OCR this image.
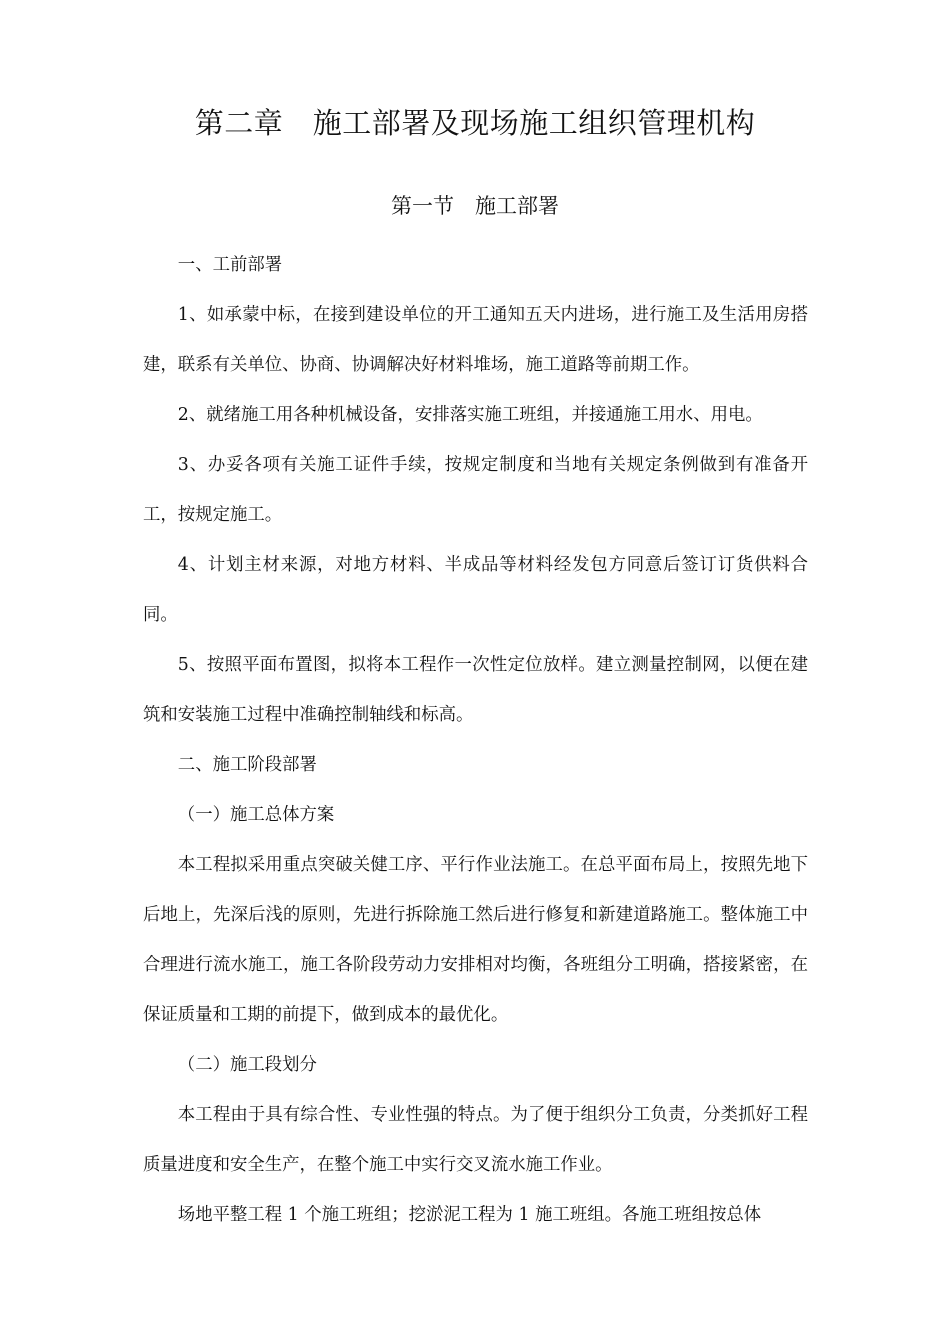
第二章　施工部署及现场施工组织管理机构
第一节　施工部署

一、工前部署

1、如承蒙中标，在接到建设单位的开工通知五天内进场，进行施工及生活用房搭建，联系有关单位、协商、协调解决好材料堆场，施工道路等前期工作。

2、就绪施工用各种机械设备，安排落实施工班组，并接通施工用水、用电。

3、办妥各项有关施工证件手续，按规定制度和当地有关规定条例做到有准备开工，按规定施工。

4、计划主材来源，对地方材料、半成品等材料经发包方同意后签订订货供料合同。

5、按照平面布置图，拟将本工程作一次性定位放样。建立测量控制网，以便在建筑和安装施工过程中准确控制轴线和标高。

二、施工阶段部署

（一）施工总体方案

本工程拟采用重点突破关健工序、平行作业法施工。在总平面布局上，按照先地下后地上，先深后浅的原则，先进行拆除施工然后进行修复和新建道路施工。整体施工中合理进行流水施工，施工各阶段劳动力安排相对均衡，各班组分工明确，搭接紧密，在保证质量和工期的前提下，做到成本的最优化。

（二）施工段划分

本工程由于具有综合性、专业性强的特点。为了便于组织分工负责，分类抓好工程质量进度和安全生产，在整个施工中实行交叉流水施工作业。

场地平整工程 1 个施工班组；挖淤泥工程为 1 施工班组。各施工班组按总体
